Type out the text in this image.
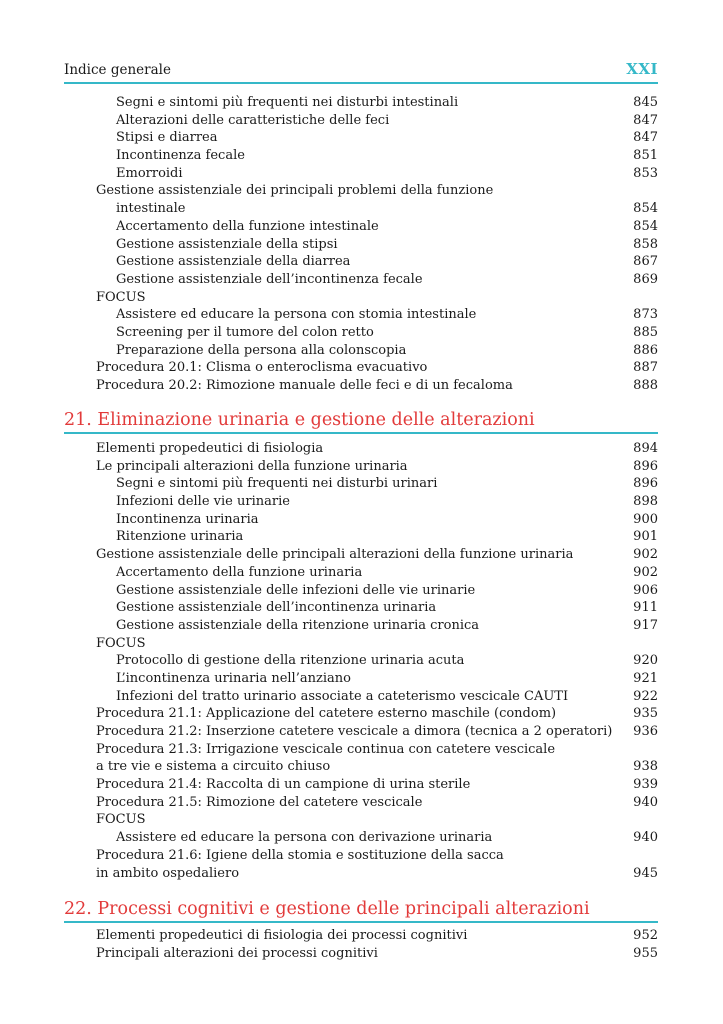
Indice generale	XXI
Segni e sintomi più frequenti nei disturbi intestinali	845
Alterazioni delle caratteristiche delle feci	847
Stipsi e diarrea	847
Incontinenza fecale	851
Emorroidi	853
Gestione assistenziale dei principali problemi della funzione
intestinale	854
Accertamento della funzione intestinale	854
Gestione assistenziale della stipsi	858
Gestione assistenziale della diarrea	867
Gestione assistenziale dell’incontinenza fecale	869
FOCUS
Assistere ed educare la persona con stomia intestinale	873
Screening per il tumore del colon retto	885
Preparazione della persona alla colonscopia	886
Procedura 20.1: Clisma o enteroclisma evacuativo	887
Procedura 20.2: Rimozione manuale delle feci e di un fecaloma	888
21. Eliminazione urinaria e gestione delle alterazioni
Elementi propedeutici di fisiologia	894
Le principali alterazioni della funzione urinaria	896
Segni e sintomi più frequenti nei disturbi urinari	896
Infezioni delle vie urinarie	898
Incontinenza urinaria	900
Ritenzione urinaria	901
Gestione assistenziale delle principali alterazioni della funzione urinaria	902
Accertamento della funzione urinaria	902
Gestione assistenziale delle infezioni delle vie urinarie	906
Gestione assistenziale dell’incontinenza urinaria	911
Gestione assistenziale della ritenzione urinaria cronica	917
FOCUS
Protocollo di gestione della ritenzione urinaria acuta	920
L’incontinenza urinaria nell’anziano	921
Infezioni del tratto urinario associate a cateterismo vescicale CAUTI	922
Procedura 21.1: Applicazione del catetere esterno maschile (condom)	935
Procedura 21.2: Inserzione catetere vescicale a dimora (tecnica a 2 operatori) 936
Procedura 21.3: Irrigazione vescicale continua con catetere vescicale
a tre vie e sistema a circuito chiuso	938
Procedura 21.4: Raccolta di un campione di urina sterile	939
Procedura 21.5: Rimozione del catetere vescicale	940
FOCUS
Assistere ed educare la persona con derivazione urinaria	940
Procedura 21.6: Igiene della stomia e sostituzione della sacca
in ambito ospedaliero	945
22. Processi cognitivi e gestione delle principali alterazioni
Elementi propedeutici di fisiologia dei processi cognitivi	952
Principali alterazioni dei processi cognitivi	955
